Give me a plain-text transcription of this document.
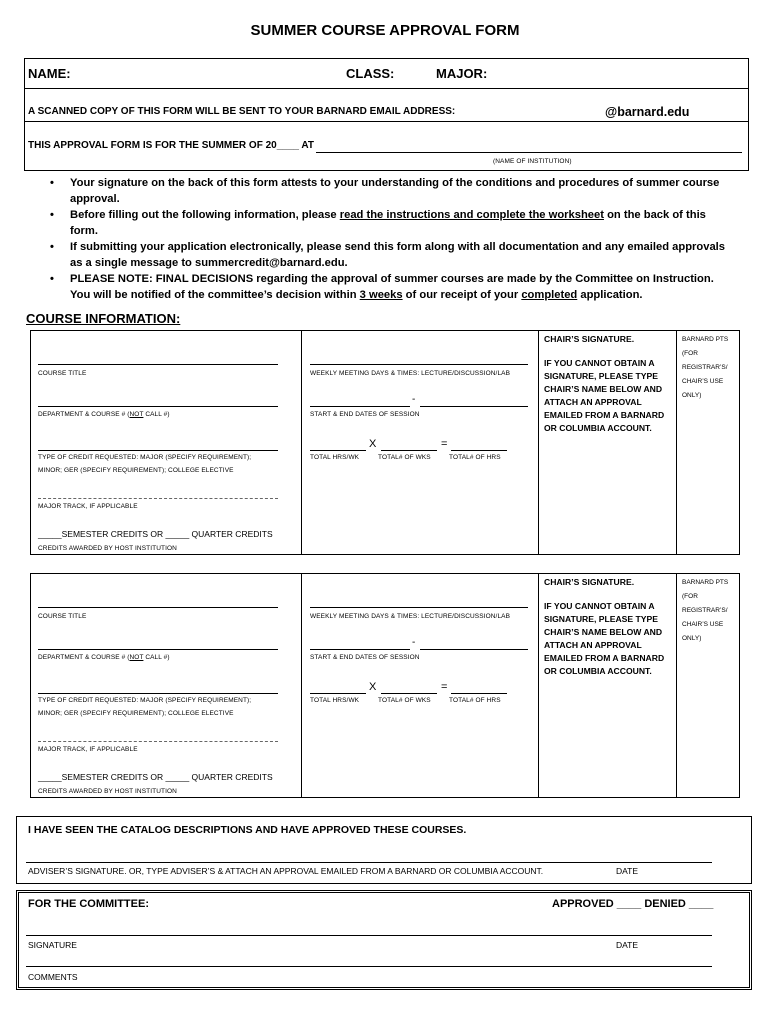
SUMMER COURSE APPROVAL FORM
NAME:	CLASS:	MAJOR:
A SCANNED COPY OF THIS FORM WILL BE SENT TO YOUR BARNARD EMAIL ADDRESS:	@barnard.edu
THIS APPROVAL FORM IS FOR THE SUMMER OF 20____ AT
(NAME OF INSTITUTION)
• Your signature on the back of this form attests to your understanding of the conditions and procedures of summer course approval.
• Before filling out the following information, please read the instructions and complete the worksheet on the back of this form.
• If submitting your application electronically, please send this form along with all documentation and any emailed approvals as a single message to summercredit@barnard.edu.
• PLEASE NOTE: FINAL DECISIONS regarding the approval of summer courses are made by the Committee on Instruction. You will be notified of the committee’s decision within 3 weeks of our receipt of your completed application.
COURSE INFORMATION:
COURSE TITLE
DEPARTMENT & COURSE # (NOT CALL #)
TYPE OF CREDIT REQUESTED: MAJOR (SPECIFY REQUIREMENT);
MINOR; GER (SPECIFY REQUIREMENT); COLLEGE ELECTIVE
MAJOR TRACK, IF APPLICABLE
_____SEMESTER CREDITS OR _____ QUARTER CREDITS
CREDITS AWARDED BY HOST INSTITUTION
WEEKLY MEETING DAYS & TIMES: LECTURE/DISCUSSION/LAB
-
START & END DATES OF SESSION
X	=
TOTAL HRS/WK	TOTAL# OF WKS	TOTAL# OF HRS
CHAIR’S SIGNATURE.
IF YOU CANNOT OBTAIN A SIGNATURE, PLEASE TYPE CHAIR’S NAME BELOW AND ATTACH AN APPROVAL EMAILED FROM A BARNARD OR COLUMBIA ACCOUNT.
BARNARD PTS (FOR REGISTRAR’S/ CHAIR’S USE ONLY)
COURSE TITLE
DEPARTMENT & COURSE # (NOT CALL #)
TYPE OF CREDIT REQUESTED: MAJOR (SPECIFY REQUIREMENT);
MINOR; GER (SPECIFY REQUIREMENT); COLLEGE ELECTIVE
MAJOR TRACK, IF APPLICABLE
_____SEMESTER CREDITS OR _____ QUARTER CREDITS
CREDITS AWARDED BY HOST INSTITUTION
WEEKLY MEETING DAYS & TIMES: LECTURE/DISCUSSION/LAB
-
START & END DATES OF SESSION
X	=
TOTAL HRS/WK	TOTAL# OF WKS	TOTAL# OF HRS
CHAIR’S SIGNATURE.
IF YOU CANNOT OBTAIN A SIGNATURE, PLEASE TYPE CHAIR’S NAME BELOW AND ATTACH AN APPROVAL EMAILED FROM A BARNARD OR COLUMBIA ACCOUNT.
BARNARD PTS (FOR REGISTRAR’S/ CHAIR’S USE ONLY)
I HAVE SEEN THE CATALOG DESCRIPTIONS AND HAVE APPROVED THESE COURSES.
ADVISER’S SIGNATURE. OR, TYPE ADVISER’S & ATTACH AN APPROVAL EMAILED FROM A BARNARD OR COLUMBIA ACCOUNT.	DATE
FOR THE COMMITTEE:	APPROVED ____ DENIED ____
SIGNATURE	DATE
COMMENTS
